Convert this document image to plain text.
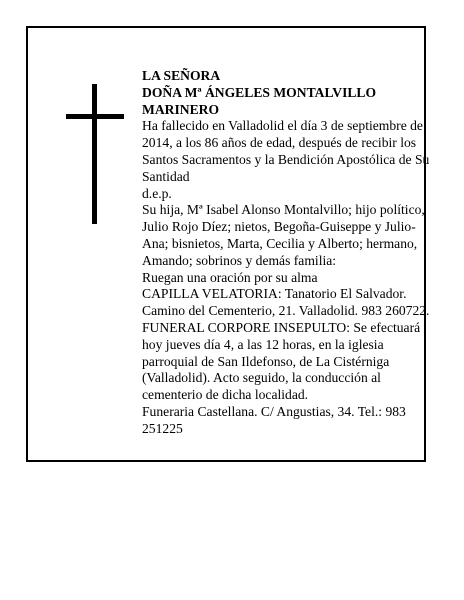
LA SEÑORA

DOÑA Mª ÁNGELES MONTALVILLO MARINERO

Ha fallecido en Valladolid el día 3 de septiembre de 2014, a los 86 años de edad, después de recibir los Santos Sacramentos y la Bendición Apostólica de Su Santidad

d.e.p.

Su hija, Mª Isabel Alonso Montalvillo; hijo político, Julio Rojo Díez; nietos, Begoña-Guiseppe y Julio-Ana; bisnietos, Marta, Cecilia y Alberto; hermano, Amando; sobrinos y demás familia:

Ruegan una oración por su alma

CAPILLA VELATORIA: Tanatorio El Salvador. Camino del Cementerio, 21. Valladolid. 983 260722.

FUNERAL CORPORE INSEPULTO: Se efectuará hoy jueves día 4, a las 12 horas, en la iglesia parroquial de San Ildefonso, de La Cistérniga (Valladolid). Acto seguido, la conducción al cementerio de dicha localidad.

Funeraria Castellana. C/ Angustias, 34. Tel.: 983 251225
